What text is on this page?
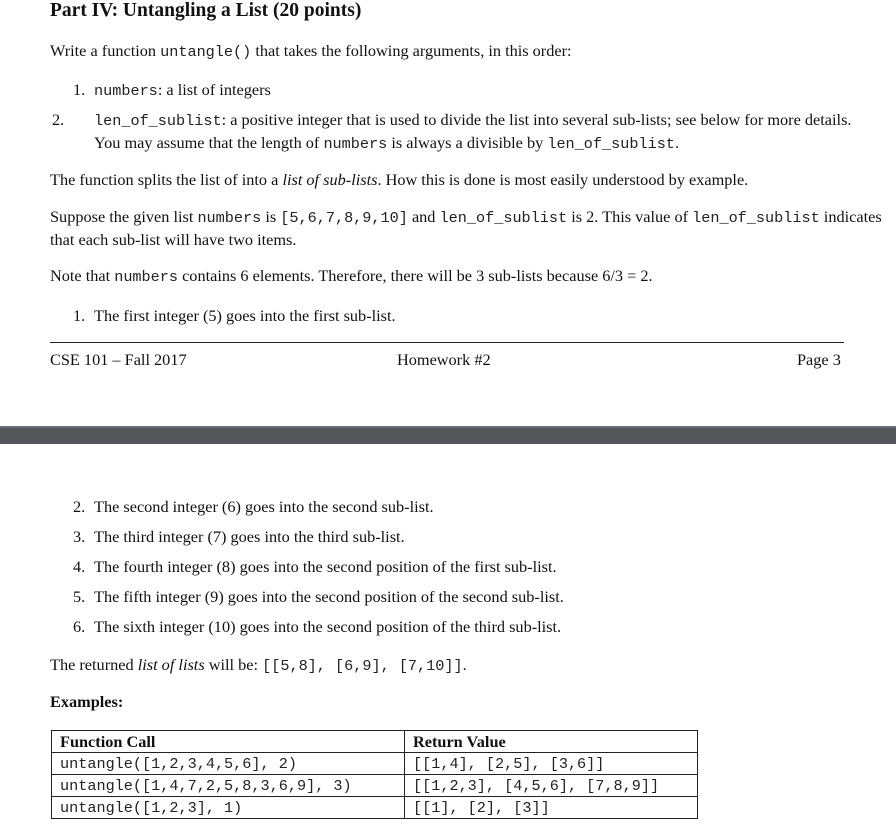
Part IV: Untangling a List (20 points)
Write a function untangle() that takes the following arguments, in this order:
1. numbers: a list of integers
2. len_of_sublist: a positive integer that is used to divide the list into several sub-lists; see below for more details. You may assume that the length of numbers is always a divisible by len_of_sublist.
The function splits the list of into a list of sub-lists. How this is done is most easily understood by example.
Suppose the given list numbers is [5,6,7,8,9,10] and len_of_sublist is 2. This value of len_of_sublist indicates that each sub-list will have two items.
Note that numbers contains 6 elements. Therefore, there will be 3 sub-lists because 6/3 = 2.
1. The first integer (5) goes into the first sub-list.
CSE 101 – Fall 2017	Homework #2	Page 3
2. The second integer (6) goes into the second sub-list.
3. The third integer (7) goes into the third sub-list.
4. The fourth integer (8) goes into the second position of the first sub-list.
5. The fifth integer (9) goes into the second position of the second sub-list.
6. The sixth integer (10) goes into the second position of the third sub-list.
The returned list of lists will be: [[5,8], [6,9], [7,10]].
Examples:
Function Call	Return Value
untangle([1,2,3,4,5,6], 2)	[[1,4], [2,5], [3,6]]
untangle([1,4,7,2,5,8,3,6,9], 3)	[[1,2,3], [4,5,6], [7,8,9]]
untangle([1,2,3], 1)	[[1], [2], [3]]
